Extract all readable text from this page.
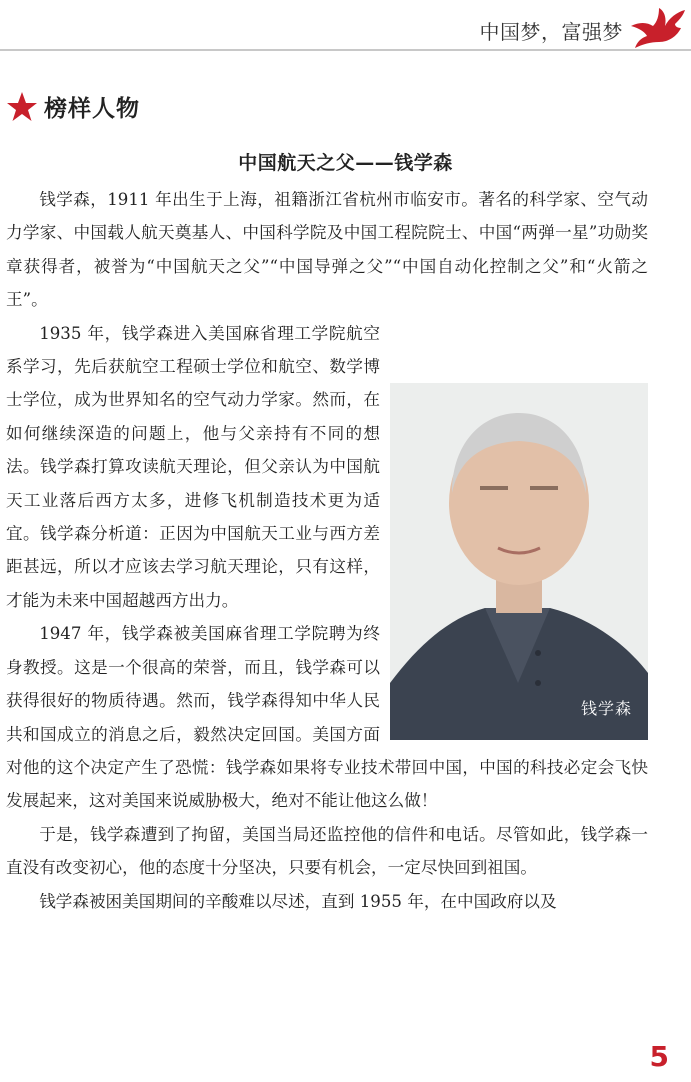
中国梦，富强梦
榜样人物
中国航天之父——钱学森

钱学森，1911 年出生于上海，祖籍浙江省杭州市临安市。著名的科学家、空气动力学家、中国载人航天奠基人、中国科学院及中国工程院院士、中国“两弹一星”功勋奖章获得者，被誉为“中国航天之父”“中国导弹之父”“中国自动化控制之父”和“火箭之王”。

钱学森

1935 年，钱学森进入美国麻省理工学院航空系学习，先后获航空工程硕士学位和航空、数学博士学位，成为世界知名的空气动力学家。然而，在如何继续深造的问题上，他与父亲持有不同的想法。钱学森打算攻读航天理论，但父亲认为中国航天工业落后西方太多，进修飞机制造技术更为适宜。钱学森分析道：正因为中国航天工业与西方差距甚远，所以才应该去学习航天理论，只有这样，才能为未来中国超越西方出力。

1947 年，钱学森被美国麻省理工学院聘为终身教授。这是一个很高的荣誉，而且，钱学森可以获得很好的物质待遇。然而，钱学森得知中华人民共和国成立的消息之后，毅然决定回国。美国方面对他的这个决定产生了恐慌：钱学森如果将专业技术带回中国，中国的科技必定会飞快发展起来，这对美国来说威胁极大，绝对不能让他这么做！

于是，钱学森遭到了拘留，美国当局还监控他的信件和电话。尽管如此，钱学森一直没有改变初心，他的态度十分坚决，只要有机会，一定尽快回到祖国。

钱学森被困美国期间的辛酸难以尽述，直到 1955 年，在中国政府以及

5
